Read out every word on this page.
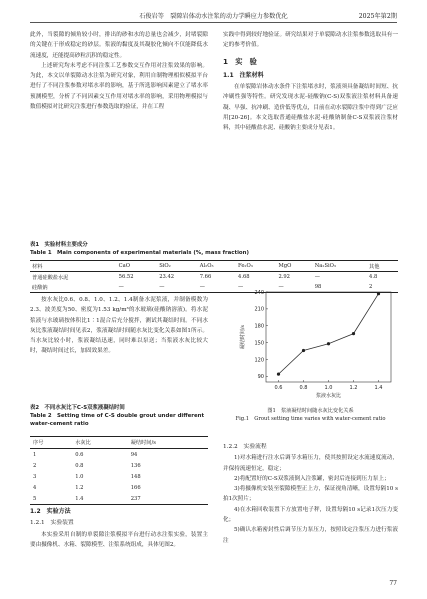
石俊岩等　裂隙岩体动水注浆的动力学瞬应力参数优化	2025年第2期

此外，当裂隙的倾角较小时，排出的砂和水的总量也会减少，封堵裂隙的关键在于形成稳定的砂层。浆液的黏度及其凝胶化倾向不仅能降低水流速度，还能提高砂粒沉积的稳定性。

上述研究均未考虑不同注浆工艺参数交互作用对注浆效果的影响。为此，本文以单裂隙动水注浆为研究对象，利用自制物理相似模拟平台进行了不同注浆参数对堵水率的影响，基于所选影响因素建立了堵水率预测模型，分析了不同因素交互作用对堵水率的影响，采用物理模拟与数值模拟对比研究注浆进行参数选取的验证，并在工程

实践中得到较好地验证。研究结果对于单裂隙动水注浆参数选取具有一定的参考价值。

1　实　验
1.1　注浆材料

在单裂隙岩体动水条件下注浆堵水时，浆液须具备凝结时间短、抗冲刷性强等特性。研究发现水泥-硅酸钠(C-S)双浆液注浆材料具备速凝、早强、抗冲刷、造价低等优点，目前在动水裂隙注浆中得到广泛应用[20-26]。本文选取普通硅酸盐水泥-硅酸钠制备C-S双浆液注浆材料，其中硅酸盐水泥、硅酸钠主要成分见表1。

表1　实验材料主要成分
Table 1　Main components of experimental materials (%, mass fraction)
材料	CaO	SiO₂	Al₂O₃	Fe₂O₃	MgO	Na₂SiO₃	其他
普通硅酸盐水泥	56.52	23.42	7.66	4.68	2.92	—	4.8
硅酸钠	—	—	—	—	—	98	2

按水灰比0.6、0.8、1.0、1.2、1.4制备水泥浆液，并制备模数为2.3、波美度为50、密度为1.53 kg/m³的水玻璃(硅酸钠溶液)。将水泥浆液与水玻璃按体积比1∶1混合后充分搅拌，测试其凝结时间。不同水灰比浆液凝结时间见表2，浆液凝结时间随水灰比变化关系如图1所示。当水灰比较小时，浆液凝结迅速，同时难以泵送；当浆液水灰比较大时，凝结时间过长，加固效果差。

表2　不同水灰比下C-S双浆液凝结时间
Table 2　Setting time of C-S double grout under different water-cement ratio
序号	水灰比	凝结时间/s
1	0.6	94
2	0.8	136
3	1.0	148
4	1.2	166
5	1.4	237
1.2　实验方法
1.2.1　实验装置

本实验采用自制的单裂隙注浆模拟平台进行动水注浆实验，装置主要由摄像机、水箱、裂隙模型、注浆系统组成，具体见图2。

90
120
150
180
210
240
0.6	0.8	1.0	1.2	1.4
浆液水灰比
凝结时间/s
图1　浆液凝结时间随水灰比变化关系
Fig.1　Grout setting time varies with water-cement ratio
1.2.2　实验流程

1)对水箱进行注水后调节水箱压力，使其按照设定水流速度流动，并保持流速恒定，稳定；

2)将配置好的C-S双浆液倒入注浆罐，密封后连接到压力泵上；

3)将摄像机安装至裂隙模型正上方，保证视角清晰，设置每隔10 s拍1次照片；

4)在水箱回收装置下方放置电子秤，设置每隔10 s记录1次压力变化；

5)确认水箱密封性后调节压力泵压力，按照设定注浆压力进行浆液注

77
